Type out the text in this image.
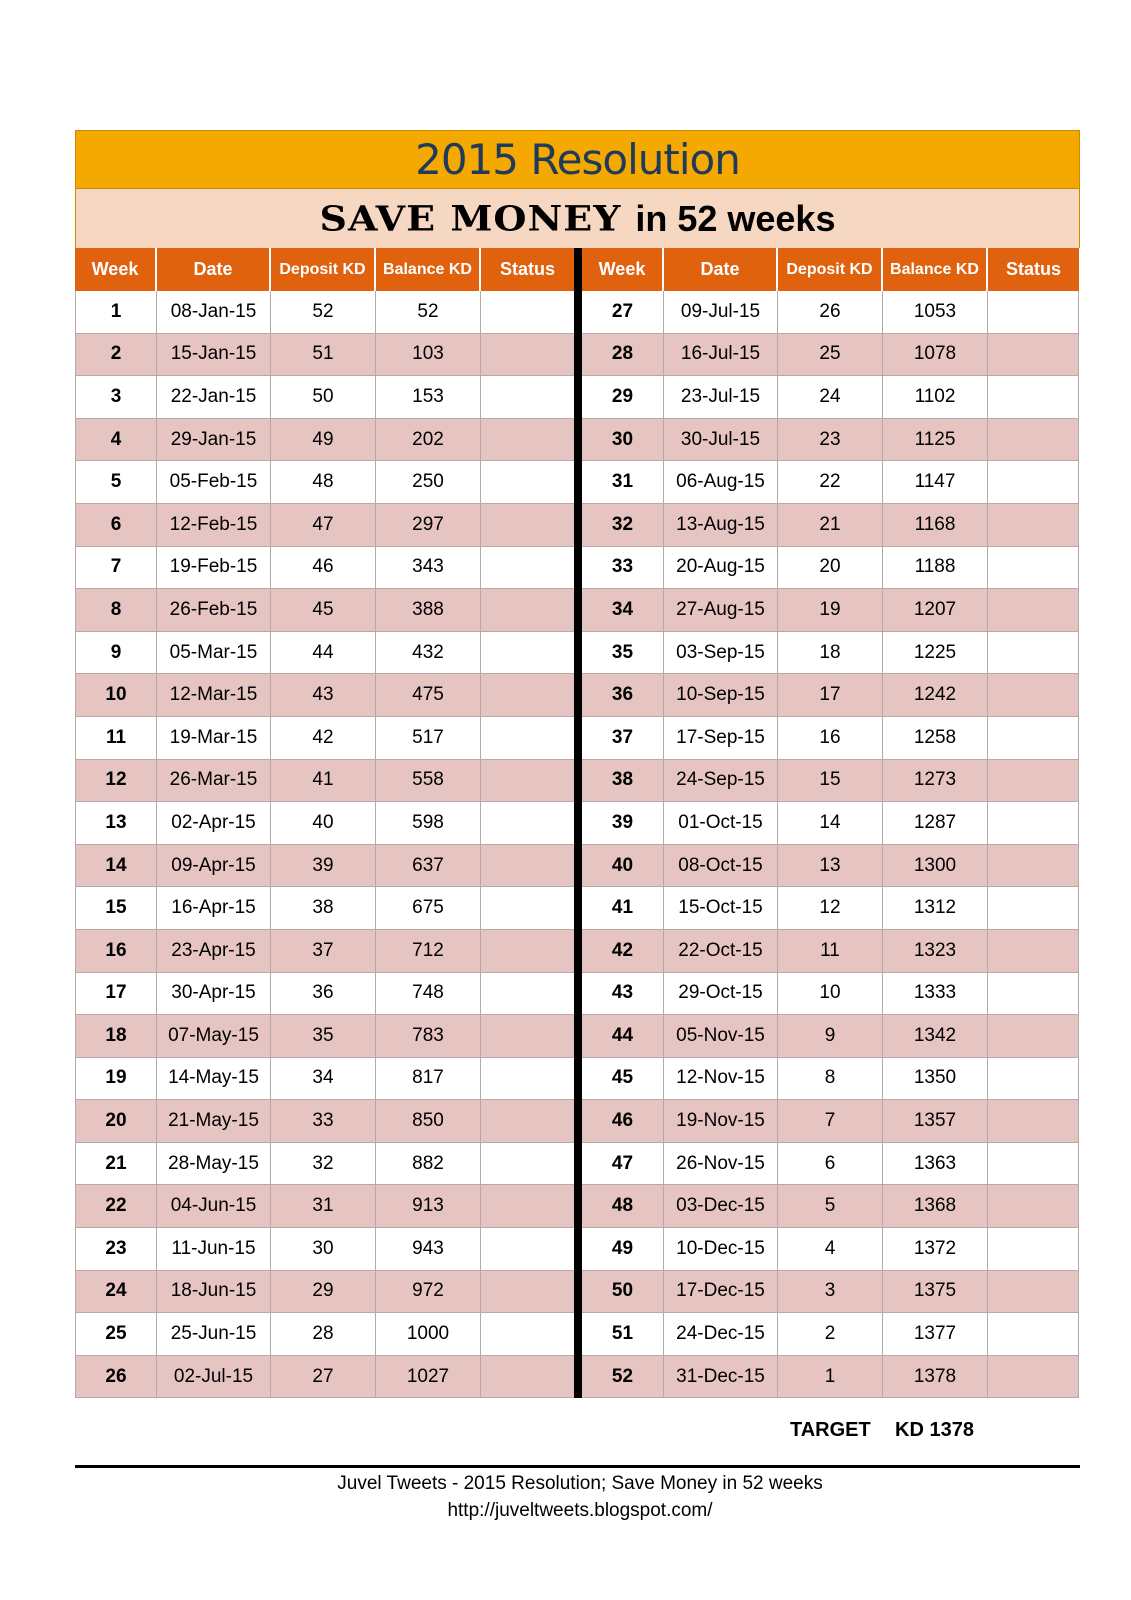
2015 Resolution
SAVE MONEY in 52 weeks
Week	Date	Deposit KD	Balance KD	Status
1	08-Jan-15	52	52
2	15-Jan-15	51	103
3	22-Jan-15	50	153
4	29-Jan-15	49	202
5	05-Feb-15	48	250
6	12-Feb-15	47	297
7	19-Feb-15	46	343
8	26-Feb-15	45	388
9	05-Mar-15	44	432
10	12-Mar-15	43	475
11	19-Mar-15	42	517
12	26-Mar-15	41	558
13	02-Apr-15	40	598
14	09-Apr-15	39	637
15	16-Apr-15	38	675
16	23-Apr-15	37	712
17	30-Apr-15	36	748
18	07-May-15	35	783
19	14-May-15	34	817
20	21-May-15	33	850
21	28-May-15	32	882
22	04-Jun-15	31	913
23	11-Jun-15	30	943
24	18-Jun-15	29	972
25	25-Jun-15	28	1000
26	02-Jul-15	27	1027
Week	Date	Deposit KD	Balance KD	Status
27	09-Jul-15	26	1053
28	16-Jul-15	25	1078
29	23-Jul-15	24	1102
30	30-Jul-15	23	1125
31	06-Aug-15	22	1147
32	13-Aug-15	21	1168
33	20-Aug-15	20	1188
34	27-Aug-15	19	1207
35	03-Sep-15	18	1225
36	10-Sep-15	17	1242
37	17-Sep-15	16	1258
38	24-Sep-15	15	1273
39	01-Oct-15	14	1287
40	08-Oct-15	13	1300
41	15-Oct-15	12	1312
42	22-Oct-15	11	1323
43	29-Oct-15	10	1333
44	05-Nov-15	9	1342
45	12-Nov-15	8	1350
46	19-Nov-15	7	1357
47	26-Nov-15	6	1363
48	03-Dec-15	5	1368
49	10-Dec-15	4	1372
50	17-Dec-15	3	1375
51	24-Dec-15	2	1377
52	31-Dec-15	1	1378
TARGET KD 1378
Juvel Tweets - 2015 Resolution; Save Money in 52 weeks
http://juveltweets.blogspot.com/
